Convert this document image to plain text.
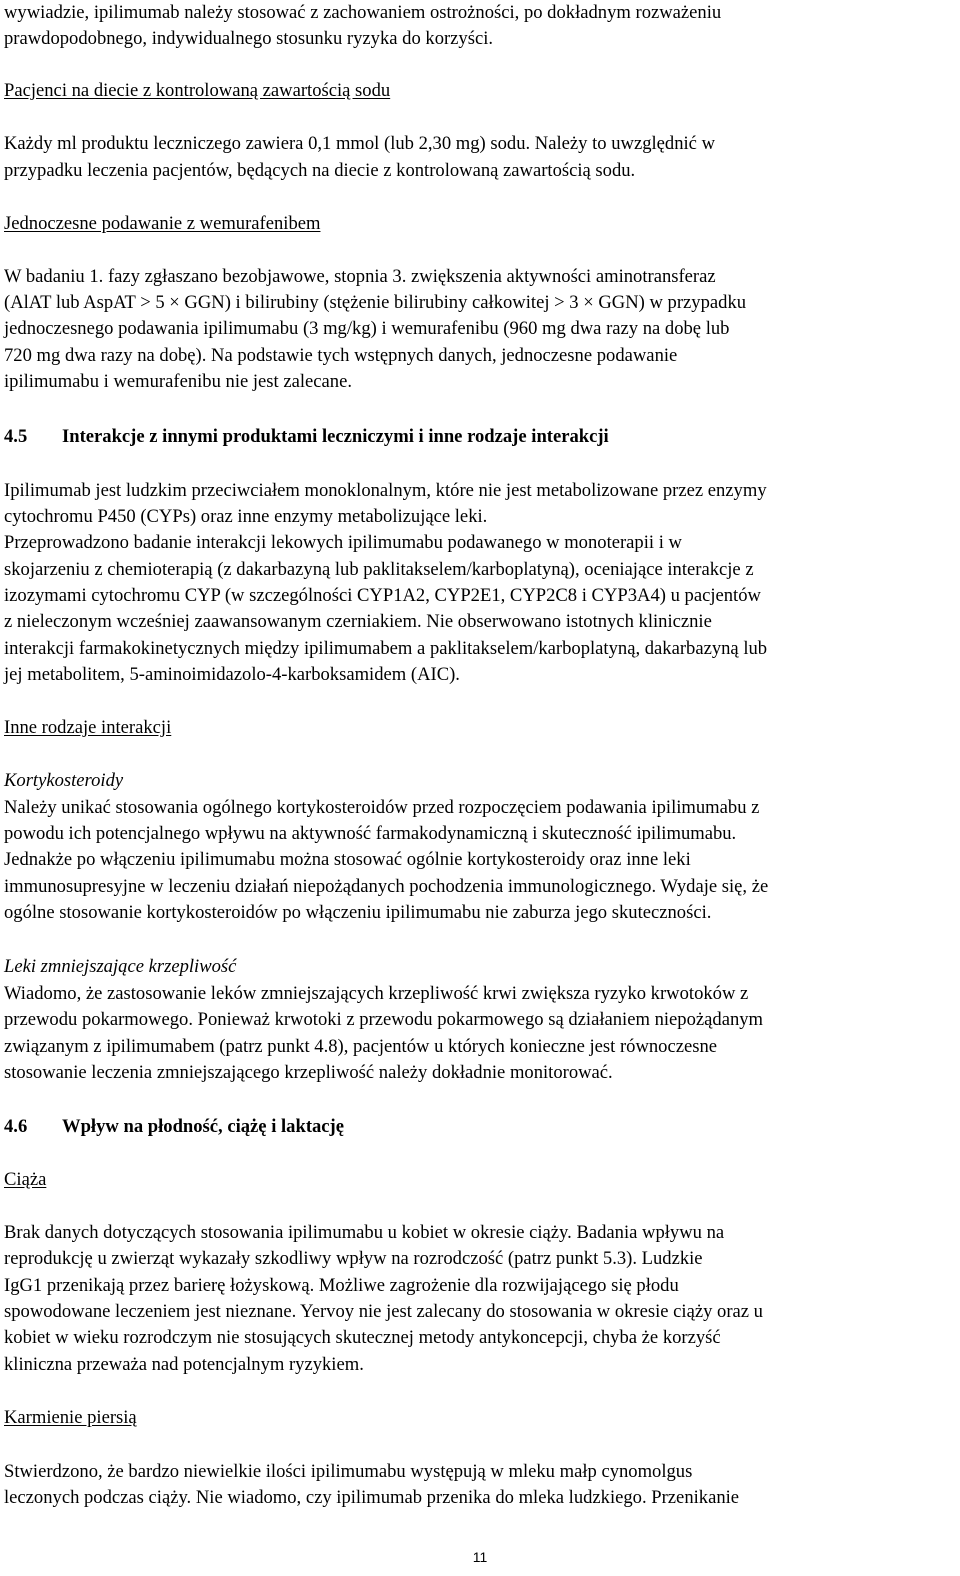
wywiadzie, ipilimumab należy stosować z zachowaniem ostrożności, po dokładnym rozważeniu
prawdopodobnego, indywidualnego stosunku ryzyka do korzyści.
Pacjenci na diecie z kontrolowaną zawartością sodu
Każdy ml produktu leczniczego zawiera 0,1 mmol (lub 2,30 mg) sodu. Należy to uwzględnić w
przypadku leczenia pacjentów, będących na diecie z kontrolowaną zawartością sodu.
Jednoczesne podawanie z wemurafenibem
W badaniu 1. fazy zgłaszano bezobjawowe, stopnia 3. zwiększenia aktywności aminotransferaz
(AlAT lub AspAT > 5 × GGN) i bilirubiny (stężenie bilirubiny całkowitej > 3 × GGN) w przypadku
jednoczesnego podawania ipilimumabu (3 mg/kg) i wemurafenibu (960 mg dwa razy na dobę lub
720 mg dwa razy na dobę). Na podstawie tych wstępnych danych, jednoczesne podawanie
ipilimumabu i wemurafenibu nie jest zalecane.
4.5 Interakcje z innymi produktami leczniczymi i inne rodzaje interakcji
Ipilimumab jest ludzkim przeciwciałem monoklonalnym, które nie jest metabolizowane przez enzymy
cytochromu P450 (CYPs) oraz inne enzymy metabolizujące leki.
Przeprowadzono badanie interakcji lekowych ipilimumabu podawanego w monoterapii i w
skojarzeniu z chemioterapią (z dakarbazyną lub paklitakselem/karboplatyną), oceniające interakcje z
izozymami cytochromu CYP (w szczególności CYP1A2, CYP2E1, CYP2C8 i CYP3A4) u pacjentów
z nieleczonym wcześniej zaawansowanym czerniakiem. Nie obserwowano istotnych klinicznie
interakcji farmakokinetycznych między ipilimumabem a paklitakselem/karboplatyną, dakarbazyną lub
jej metabolitem, 5-aminoimidazolo-4-karboksamidem (AIC).
Inne rodzaje interakcji
Kortykosteroidy
Należy unikać stosowania ogólnego kortykosteroidów przed rozpoczęciem podawania ipilimumabu z
powodu ich potencjalnego wpływu na aktywność farmakodynamiczną i skuteczność ipilimumabu.
Jednakże po włączeniu ipilimumabu można stosować ogólnie kortykosteroidy oraz inne leki
immunosupresyjne w leczeniu działań niepożądanych pochodzenia immunologicznego. Wydaje się, że
ogólne stosowanie kortykosteroidów po włączeniu ipilimumabu nie zaburza jego skuteczności.
Leki zmniejszające krzepliwość
Wiadomo, że zastosowanie leków zmniejszających krzepliwość krwi zwiększa ryzyko krwotoków z
przewodu pokarmowego. Ponieważ krwotoki z przewodu pokarmowego są działaniem niepożądanym
związanym z ipilimumabem (patrz punkt 4.8), pacjentów u których konieczne jest równoczesne
stosowanie leczenia zmniejszającego krzepliwość należy dokładnie monitorować.
4.6 Wpływ na płodność, ciążę i laktację
Ciąża
Brak danych dotyczących stosowania ipilimumabu u kobiet w okresie ciąży. Badania wpływu na
reprodukcję u zwierząt wykazały szkodliwy wpływ na rozrodczość (patrz punkt 5.3). Ludzkie
IgG1 przenikają przez barierę łożyskową. Możliwe zagrożenie dla rozwijającego się płodu
spowodowane leczeniem jest nieznane. Yervoy nie jest zalecany do stosowania w okresie ciąży oraz u
kobiet w wieku rozrodczym nie stosujących skutecznej metody antykoncepcji, chyba że korzyść
kliniczna przeważa nad potencjalnym ryzykiem.
Karmienie piersią
Stwierdzono, że bardzo niewielkie ilości ipilimumabu występują w mleku małp cynomolgus
leczonych podczas ciąży. Nie wiadomo, czy ipilimumab przenika do mleka ludzkiego. Przenikanie
11
